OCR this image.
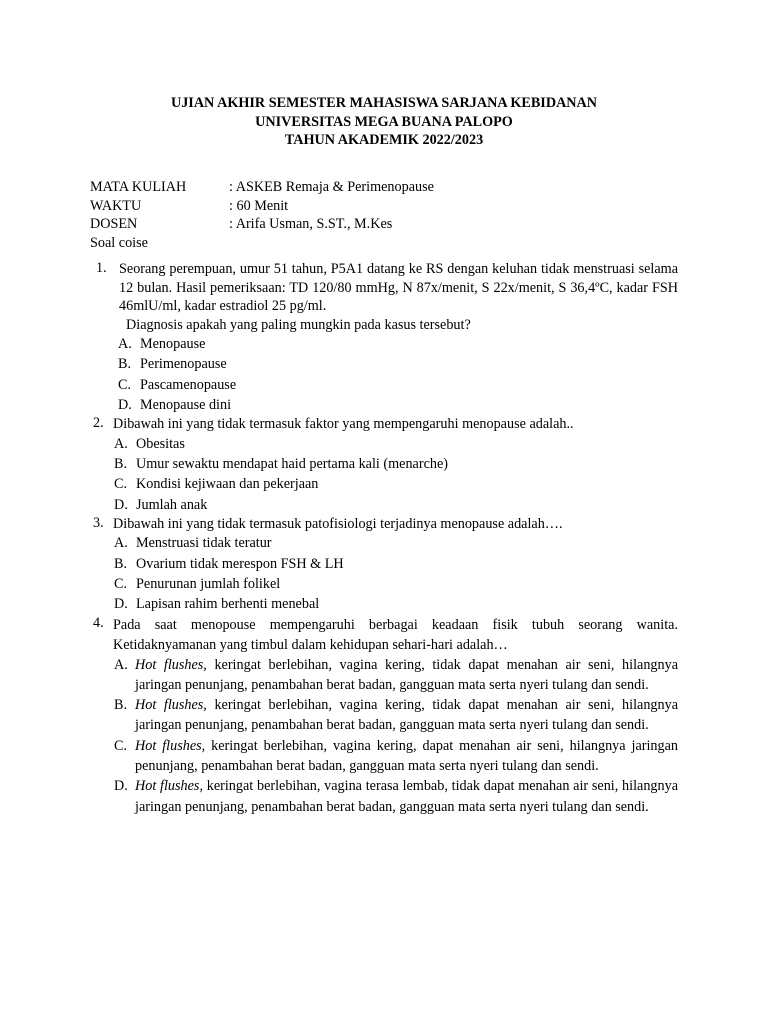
UJIAN AKHIR SEMESTER MAHASISWA SARJANA KEBIDANAN
UNIVERSITAS MEGA BUANA PALOPO
TAHUN AKADEMIK 2022/2023
MATA KULIAH	: ASKEB Remaja & Perimenopause
WAKTU	: 60 Menit
DOSEN	: Arifa Usman, S.ST., M.Kes
Soal coise
1. Seorang perempuan, umur 51 tahun, P5A1 datang ke RS dengan keluhan tidak menstruasi selama 12 bulan. Hasil pemeriksaan: TD 120/80 mmHg, N 87x/menit, S 22x/menit, S 36,4ºC, kadar FSH 46mlU/ml, kadar estradiol 25 pg/ml.
Diagnosis apakah yang paling mungkin pada kasus tersebut?
A. Menopause
B. Perimenopause
C. Pascamenopause
D. Menopause dini
2. Dibawah ini yang tidak termasuk faktor yang mempengaruhi menopause adalah..
A. Obesitas
B. Umur sewaktu mendapat haid pertama kali (menarche)
C. Kondisi kejiwaan dan pekerjaan
D. Jumlah anak
3. Dibawah ini yang tidak termasuk patofisiologi terjadinya menopause adalah….
A. Menstruasi tidak teratur
B. Ovarium tidak merespon FSH & LH
C. Penurunan jumlah folikel
D. Lapisan rahim berhenti menebal
4. Pada saat menopouse mempengaruhi berbagai keadaan fisik tubuh seorang wanita. Ketidaknyamanan yang timbul dalam kehidupan sehari-hari adalah…
A. Hot flushes, keringat berlebihan, vagina kering, tidak dapat menahan air seni, hilangnya jaringan penunjang, penambahan berat badan, gangguan mata serta nyeri tulang dan sendi.
B. Hot flushes, keringat berlebihan, vagina kering, tidak dapat menahan air seni, hilangnya jaringan penunjang, penambahan berat badan, gangguan mata serta nyeri tulang dan sendi.
C. Hot flushes, keringat berlebihan, vagina kering, dapat menahan air seni, hilangnya jaringan penunjang, penambahan berat badan, gangguan mata serta nyeri tulang dan sendi.
D. Hot flushes, keringat berlebihan, vagina terasa lembab, tidak dapat menahan air seni, hilangnya jaringan penunjang, penambahan berat badan, gangguan mata serta nyeri tulang dan sendi.
